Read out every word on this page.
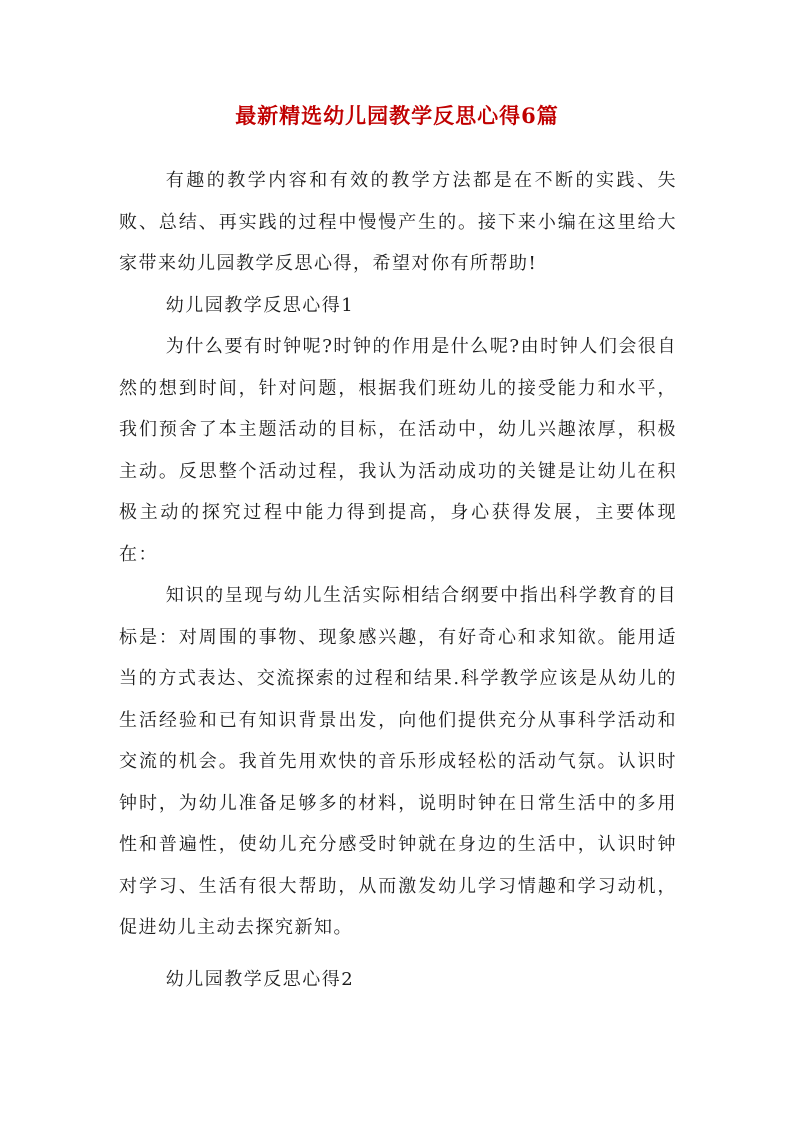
最新精选幼儿园教学反思心得6篇

有趣的教学内容和有效的教学方法都是在不断的实践、失败、总结、再实践的过程中慢慢产生的。接下来小编在这里给大家带来幼儿园教学反思心得，希望对你有所帮助!

幼儿园教学反思心得1

为什么要有时钟呢?时钟的作用是什么呢?由时钟人们会很自然的想到时间，针对问题，根据我们班幼儿的接受能力和水平，我们预舍了本主题活动的目标，在活动中，幼儿兴趣浓厚，积极主动。反思整个活动过程，我认为活动成功的关键是让幼儿在积极主动的探究过程中能力得到提高，身心获得发展，主要体现在：

知识的呈现与幼儿生活实际相结合纲要中指出科学教育的目标是：对周围的事物、现象感兴趣，有好奇心和求知欲。能用适当的方式表达、交流探索的过程和结果.科学教学应该是从幼儿的生活经验和已有知识背景出发，向他们提供充分从事科学活动和交流的机会。我首先用欢快的音乐形成轻松的活动气氛。认识时钟时，为幼儿准备足够多的材料，说明时钟在日常生活中的多用性和普遍性，使幼儿充分感受时钟就在身边的生活中，认识时钟对学习、生活有很大帮助，从而激发幼儿学习情趣和学习动机，促进幼儿主动去探究新知。

幼儿园教学反思心得2
